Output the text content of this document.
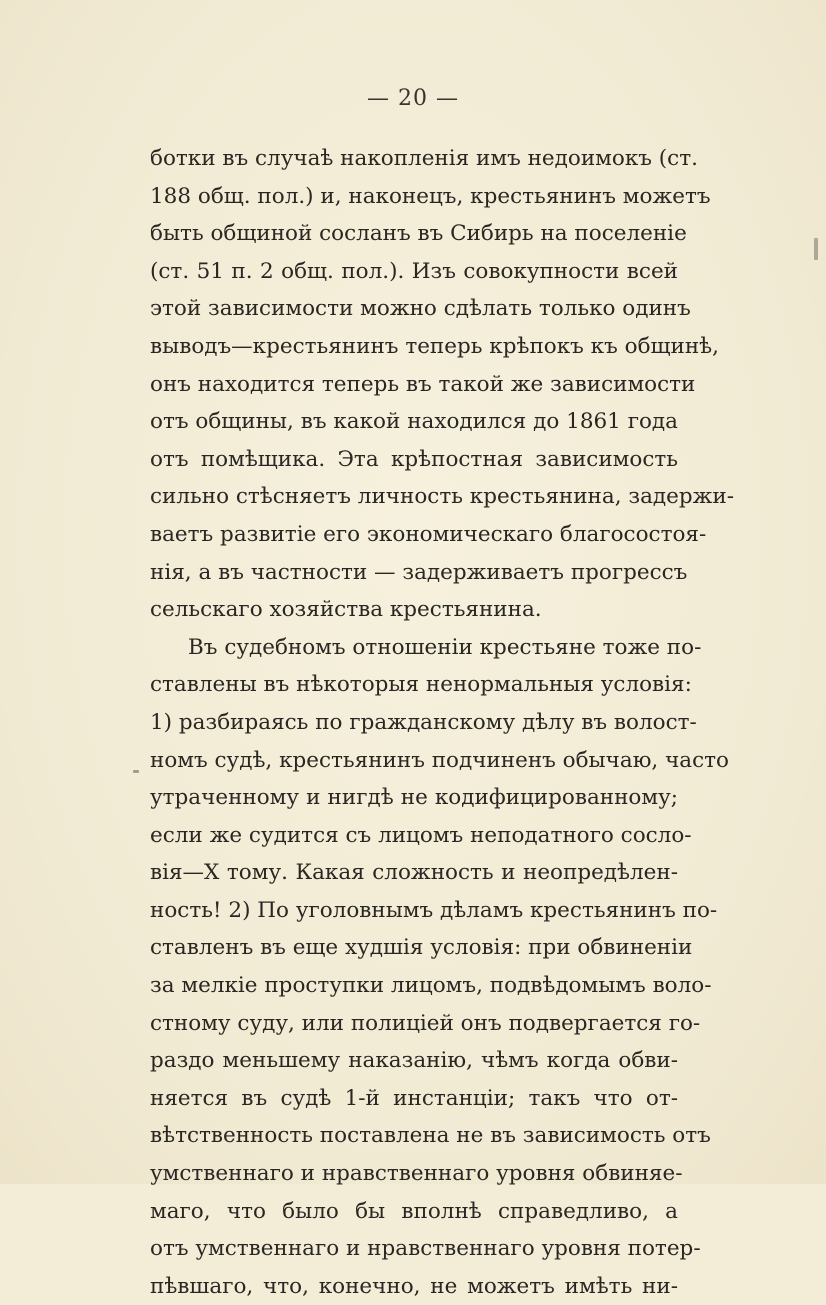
— 20 —
ботки въ случаѣ накопленія имъ недоимокъ (ст.
188 общ. пол.) и, наконецъ, крестьянинъ можетъ
быть общиной сосланъ въ Сибирь на поселеніе
(ст. 51 п. 2 общ. пол.). Изъ совокупности всей
этой зависимости можно сдѣлать только одинъ
выводъ—крестьянинъ теперь крѣпокъ къ общинѣ,
онъ находится теперь въ такой же зависимости
отъ общины, въ какой находился до 1861 года
отъ помѣщика. Эта крѣпостная зависимость
сильно стѣсняетъ личность крестьянина, задержи-
ваетъ развитіе его экономическаго благосостоя-
нія, а въ частности — задерживаетъ прогрессъ
сельскаго хозяйства крестьянина.
Въ судебномъ отношеніи крестьяне тоже по-
ставлены въ нѣкоторыя ненормальныя условія:
1) разбираясь по гражданскому дѣлу въ волост-
номъ судѣ, крестьянинъ подчиненъ обычаю, часто
утраченному и нигдѣ не кодифицированному;
если же судится съ лицомъ неподатного сосло-
вія—X тому. Какая сложность и неопредѣлен-
ность! 2) По уголовнымъ дѣламъ крестьянинъ по-
ставленъ въ еще худшія условія: при обвиненіи
за мелкіе проступки лицомъ, подвѣдомымъ воло-
стному суду, или полиціей онъ подвергается го-
раздо меньшему наказанію, чѣмъ когда обви-
няется въ судѣ 1-й инстанціи; такъ что от-
вѣтственность поставлена не въ зависимость отъ
умственнаго и нравственнаго уровня обвиняе-
маго, что было бы вполнѣ справедливо, а
отъ умственнаго и нравственнаго уровня потер-
пѣвшаго, что, конечно, не можетъ имѣть ни-
